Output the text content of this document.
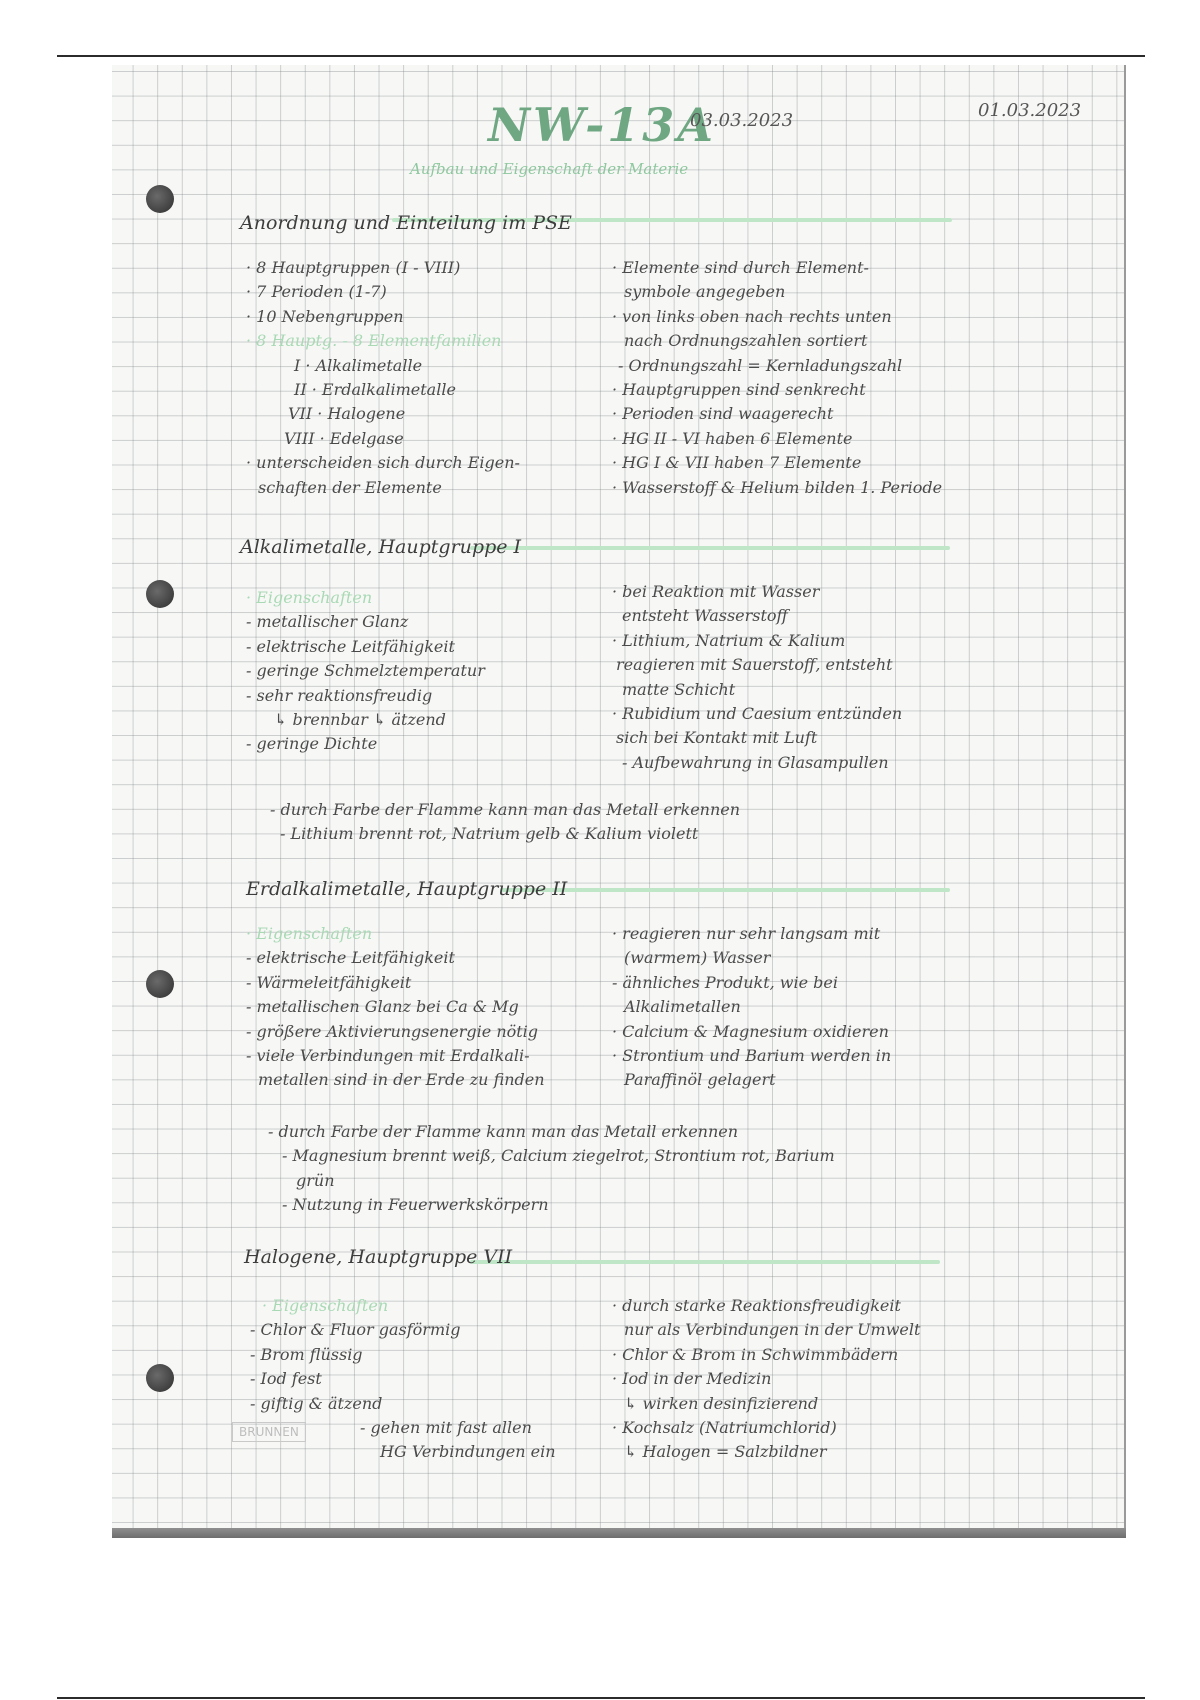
NW-13A
03.03.2023	01.03.2023
Aufbau und Eigenschaft der Materie
Anordnung und Einteilung im PSE
· 8 Hauptgruppen (I - VIII)
· 7 Perioden (1-7)
· 10 Nebengruppen
· 8 Hauptg. - 8 Elementfamilien
I · Alkalimetalle
II · Erdalkalimetalle
VII · Halogene
VIII · Edelgase
· unterscheiden sich durch Eigen-
schaften der Elemente
· Elemente sind durch Element-
symbole angegeben
· von links oben nach rechts unten
nach Ordnungszahlen sortiert
- Ordnungszahl = Kernladungszahl
· Hauptgruppen sind senkrecht
· Perioden sind waagerecht
· HG II - VI haben 6 Elemente
· HG I & VII haben 7 Elemente
· Wasserstoff & Helium bilden 1. Periode
Alkalimetalle, Hauptgruppe I
· Eigenschaften
- metallischer Glanz
- elektrische Leitfähigkeit
- geringe Schmelztemperatur
- sehr reaktionsfreudig
↳ brennbar ↳ ätzend
- geringe Dichte
· bei Reaktion mit Wasser
entsteht Wasserstoff
· Lithium, Natrium & Kalium
reagieren mit Sauerstoff, entsteht
matte Schicht
· Rubidium und Caesium entzünden
sich bei Kontakt mit Luft
- Aufbewahrung in Glasampullen
- durch Farbe der Flamme kann man das Metall erkennen
- Lithium brennt rot, Natrium gelb & Kalium violett
Erdalkalimetalle, Hauptgruppe II
· Eigenschaften
- elektrische Leitfähigkeit
- Wärmeleitfähigkeit
- metallischen Glanz bei Ca & Mg
- größere Aktivierungsenergie nötig
- viele Verbindungen mit Erdalkali-
metallen sind in der Erde zu finden
· reagieren nur sehr langsam mit
(warmem) Wasser
- ähnliches Produkt, wie bei
Alkalimetallen
· Calcium & Magnesium oxidieren
· Strontium und Barium werden in
Paraffinöl gelagert
- durch Farbe der Flamme kann man das Metall erkennen
- Magnesium brennt weiß, Calcium ziegelrot, Strontium rot, Barium
grün
- Nutzung in Feuerwerkskörpern
Halogene, Hauptgruppe VII
· Eigenschaften
- Chlor & Fluor gasförmig
- Brom flüssig
- Iod fest
- giftig & ätzend
- gehen mit fast allen
HG Verbindungen ein
· durch starke Reaktionsfreudigkeit
nur als Verbindungen in der Umwelt
· Chlor & Brom in Schwimmbädern
· Iod in der Medizin
↳ wirken desinfizierend
· Kochsalz (Natriumchlorid)
↳ Halogen = Salzbildner
BRUNNEN
